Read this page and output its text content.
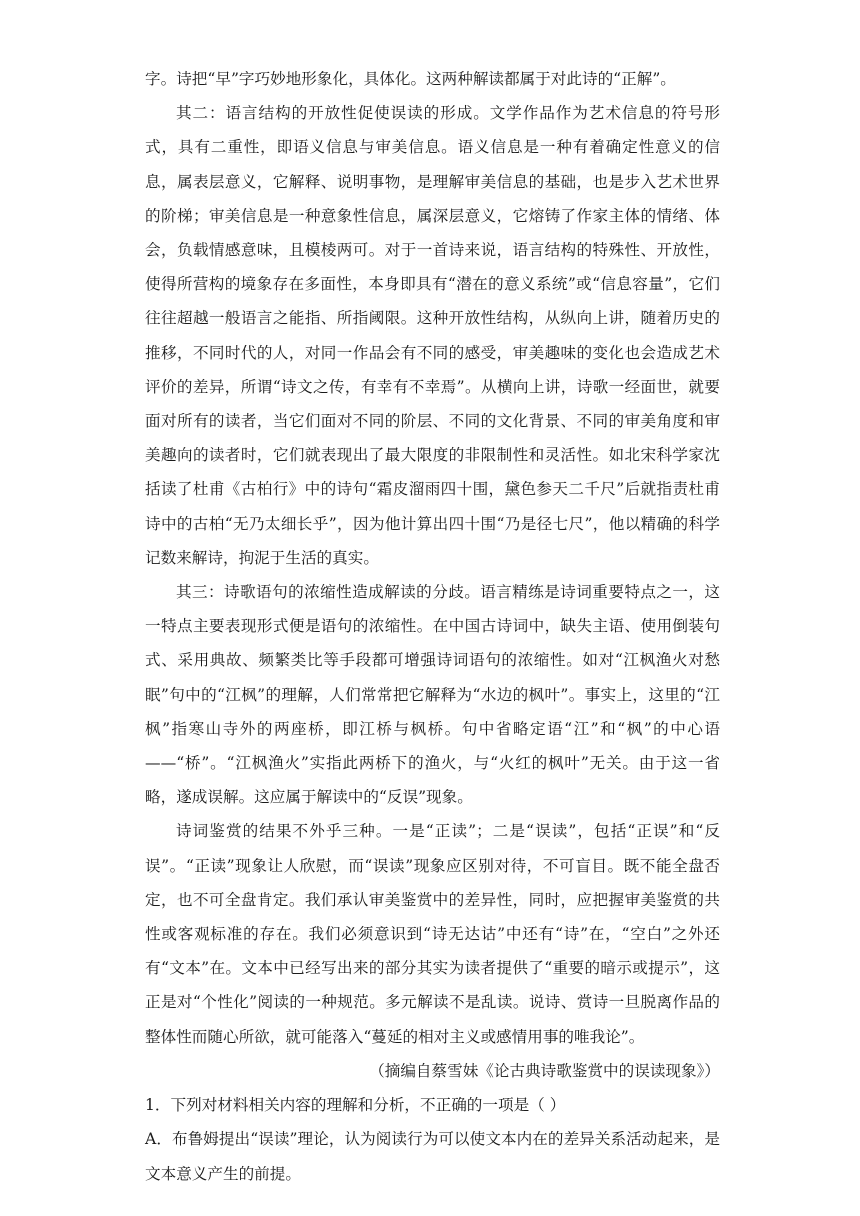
字。诗把“早”字巧妙地形象化，具体化。这两种解读都属于对此诗的“正解”。

其二：语言结构的开放性促使误读的形成。文学作品作为艺术信息的符号形式，具有二重性，即语义信息与审美信息。语义信息是一种有着确定性意义的信息，属表层意义，它解释、说明事物，是理解审美信息的基础，也是步入艺术世界的阶梯；审美信息是一种意象性信息，属深层意义，它熔铸了作家主体的情绪、体会，负载情感意味，且模棱两可。对于一首诗来说，语言结构的特殊性、开放性，使得所营构的境象存在多面性，本身即具有“潜在的意义系统”或“信息容量”，它们往往超越一般语言之能指、所指阈限。这种开放性结构，从纵向上讲，随着历史的推移，不同时代的人，对同一作品会有不同的感受，审美趣味的变化也会造成艺术评价的差异，所谓“诗文之传，有幸有不幸焉”。从横向上讲，诗歌一经面世，就要面对所有的读者，当它们面对不同的阶层、不同的文化背景、不同的审美角度和审美趣向的读者时，它们就表现出了最大限度的非限制性和灵活性。如北宋科学家沈括读了杜甫《古柏行》中的诗句“霜皮溜雨四十围，黛色参天二千尺”后就指责杜甫诗中的古柏“无乃太细长乎”，因为他计算出四十围“乃是径七尺”，他以精确的科学记数来解诗，拘泥于生活的真实。

其三：诗歌语句的浓缩性造成解读的分歧。语言精练是诗词重要特点之一，这一特点主要表现形式便是语句的浓缩性。在中国古诗词中，缺失主语、使用倒装句式、采用典故、频繁类比等手段都可增强诗词语句的浓缩性。如对“江枫渔火对愁眠”句中的“江枫”的理解，人们常常把它解释为“水边的枫叶”。事实上，这里的“江枫”指寒山寺外的两座桥，即江桥与枫桥。句中省略定语“江”和“枫”的中心语——“桥”。“江枫渔火”实指此两桥下的渔火，与“火红的枫叶”无关。由于这一省略，遂成误解。这应属于解读中的“反误”现象。

诗词鉴赏的结果不外乎三种。一是“正读”；二是“误读”，包括“正误”和“反误”。“正读”现象让人欣慰，而“误读”现象应区别对待，不可盲目。既不能全盘否定，也不可全盘肯定。我们承认审美鉴赏中的差异性，同时，应把握审美鉴赏的共性或客观标准的存在。我们必须意识到“诗无达诂”中还有“诗”在，“空白”之外还有“文本”在。文本中已经写出来的部分其实为读者提供了“重要的暗示或提示”，这正是对“个性化”阅读的一种规范。多元解读不是乱读。说诗、赏诗一旦脱离作品的整体性而随心所欲，就可能落入“蔓延的相对主义或感情用事的唯我论”。

（摘编自蔡雪妹《论古典诗歌鉴赏中的误读现象》）

1．下列对材料相关内容的理解和分析，不正确的一项是（ ）

A．布鲁姆提出“误读”理论，认为阅读行为可以使文本内在的差异关系活动起来，是文本意义产生的前提。
